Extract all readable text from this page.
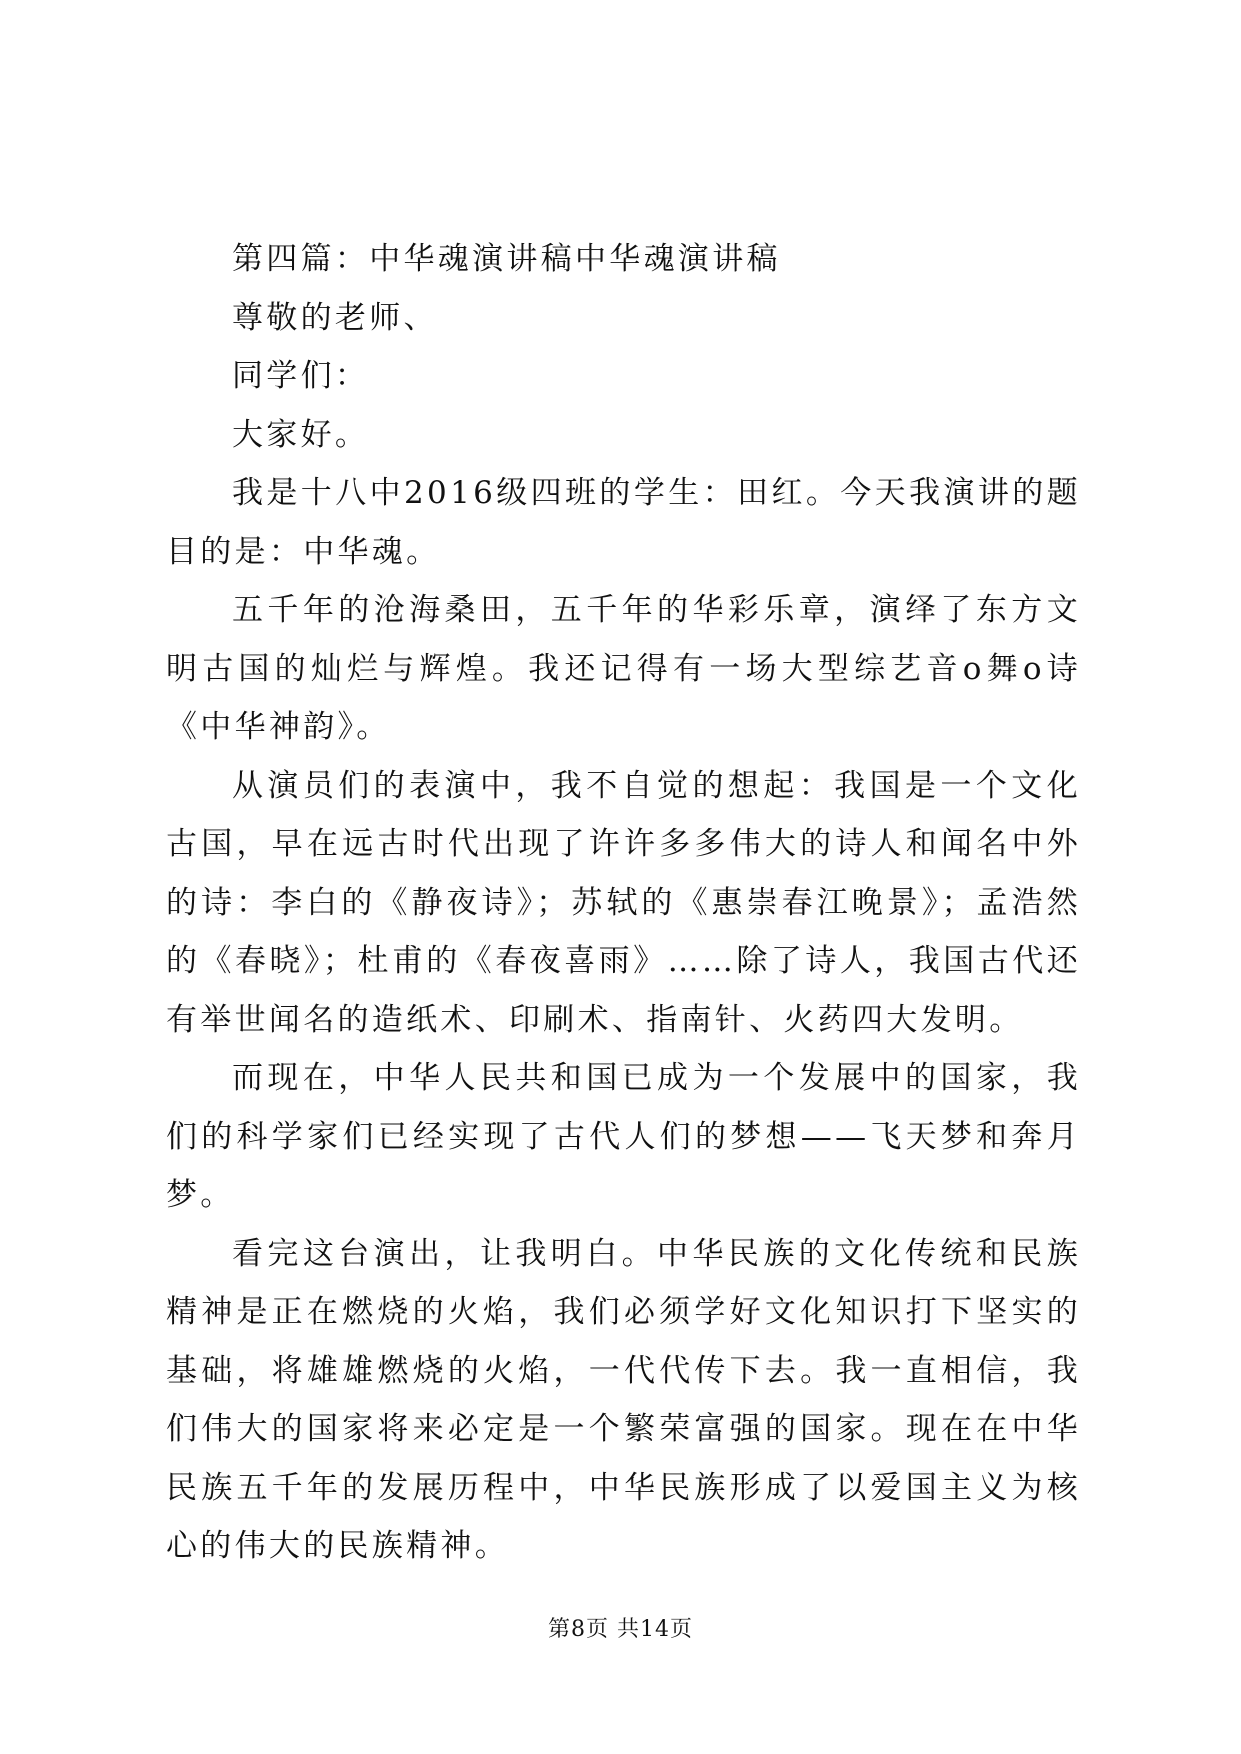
第四篇：中华魂演讲稿中华魂演讲稿

尊敬的老师、

同学们：

大家好。

我是十八中2016级四班的学生：田红。今天我演讲的题目的是：中华魂。

五千年的沧海桑田，五千年的华彩乐章，演绎了东方文明古国的灿烂与辉煌。我还记得有一场大型综艺音o舞o诗《中华神韵》。

从演员们的表演中，我不自觉的想起：我国是一个文化古国，早在远古时代出现了许许多多伟大的诗人和闻名中外的诗：李白的《静夜诗》；苏轼的《惠崇春江晚景》；孟浩然的《春晓》；杜甫的《春夜喜雨》……除了诗人，我国古代还有举世闻名的造纸术、印刷术、指南针、火药四大发明。

而现在，中华人民共和国已成为一个发展中的国家，我们的科学家们已经实现了古代人们的梦想——飞天梦和奔月梦。

看完这台演出，让我明白。中华民族的文化传统和民族精神是正在燃烧的火焰，我们必须学好文化知识打下坚实的基础，将雄雄燃烧的火焰，一代代传下去。我一直相信，我们伟大的国家将来必定是一个繁荣富强的国家。现在在中华民族五千年的发展历程中，中华民族形成了以爱国主义为核心的伟大的民族精神。

第8页 共14页
